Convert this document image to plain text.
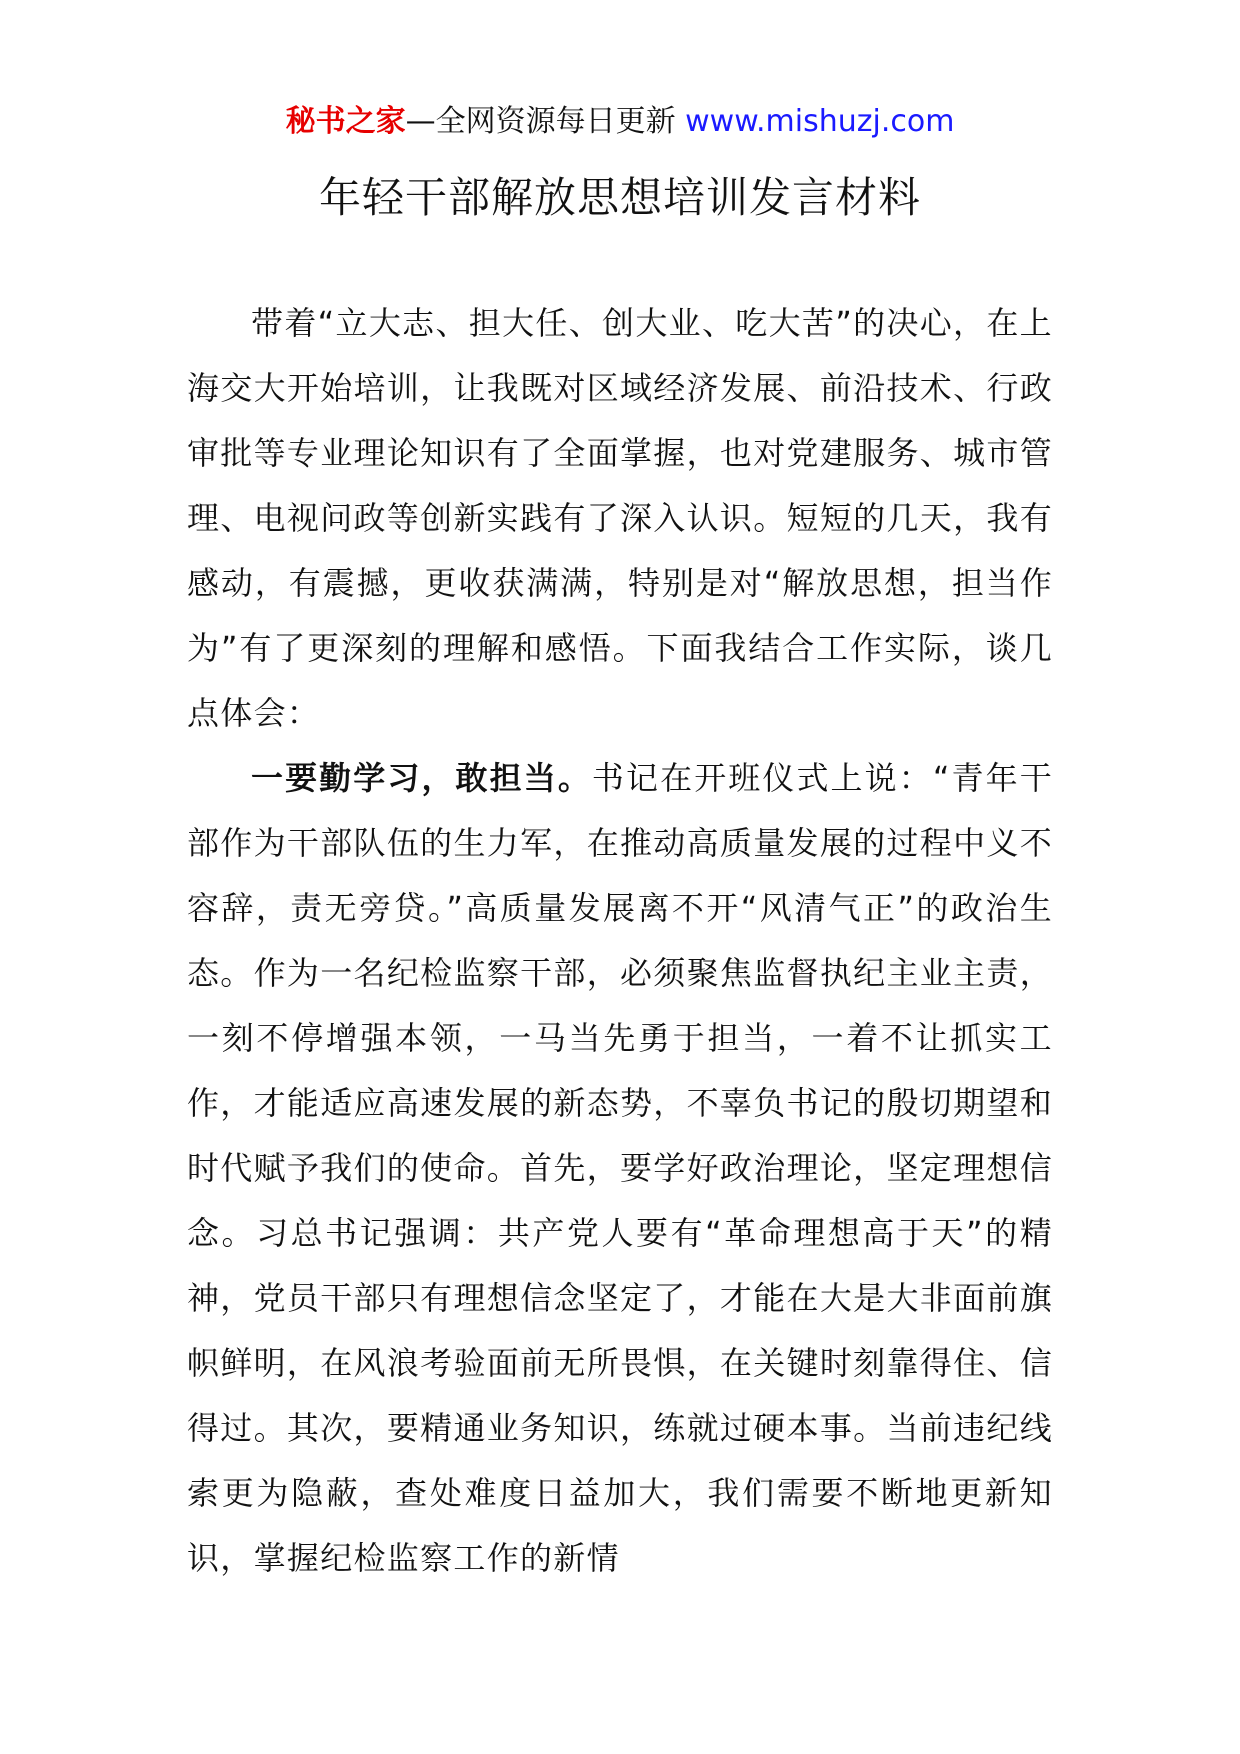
秘书之家—全网资源每日更新 www.mishuzj.com
年轻干部解放思想培训发言材料

带着“立大志、担大任、创大业、吃大苦”的决心，在上海交大开始培训，让我既对区域经济发展、前沿技术、行政审批等专业理论知识有了全面掌握，也对党建服务、城市管理、电视问政等创新实践有了深入认识。短短的几天，我有感动，有震撼，更收获满满，特别是对“解放思想，担当作为”有了更深刻的理解和感悟。下面我结合工作实际，谈几点体会：

一要勤学习，敢担当。书记在开班仪式上说：“青年干部作为干部队伍的生力军，在推动高质量发展的过程中义不容辞，责无旁贷。”高质量发展离不开“风清气正”的政治生态。作为一名纪检监察干部，必须聚焦监督执纪主业主责，一刻不停增强本领，一马当先勇于担当，一着不让抓实工作，才能适应高速发展的新态势，不辜负书记的殷切期望和时代赋予我们的使命。首先，要学好政治理论，坚定理想信念。习总书记强调：共产党人要有“革命理想高于天”的精神，党员干部只有理想信念坚定了，才能在大是大非面前旗帜鲜明，在风浪考验面前无所畏惧，在关键时刻靠得住、信得过。其次，要精通业务知识，练就过硬本事。当前违纪线索更为隐蔽，查处难度日益加大，我们需要不断地更新知识，掌握纪检监察工作的新情
